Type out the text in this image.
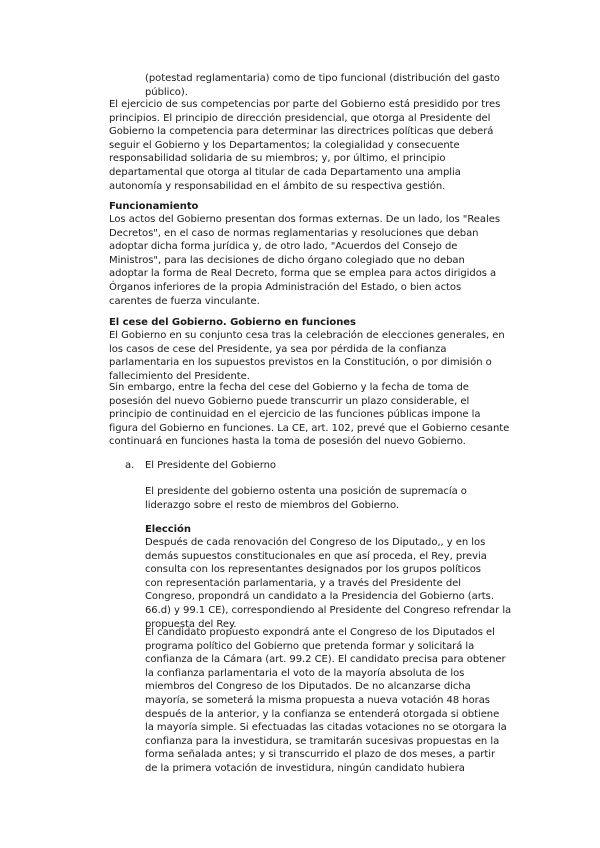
(potestad reglamentaria) como de tipo funcional (distribución del gasto
público).
El ejercicio de sus competencias por parte del Gobierno está presidido por tres
principios. El principio de dirección presidencial, que otorga al Presidente del
Gobierno la competencia para determinar las directrices políticas que deberá
seguir el Gobierno y los Departamentos; la colegialidad y consecuente
responsabilidad solidaria de su miembros; y, por último, el principio
departamental que otorga al titular de cada Departamento una amplia
autonomía y responsabilidad en el ámbito de su respectiva gestión.
Funcionamiento
Los actos del Gobierno presentan dos formas externas. De un lado, los "Reales
Decretos", en el caso de normas reglamentarias y resoluciones que deban
adoptar dicha forma jurídica y, de otro lado, "Acuerdos del Consejo de
Ministros", para las decisiones de dicho órgano colegiado que no deban
adoptar la forma de Real Decreto, forma que se emplea para actos dirigidos a
Órganos inferiores de la propia Administración del Estado, o bien actos
carentes de fuerza vinculante.
El cese del Gobierno. Gobierno en funciones
El Gobierno en su conjunto cesa tras la celebración de elecciones generales, en
los casos de cese del Presidente, ya sea por pérdida de la confianza
parlamentaria en los supuestos previstos en la Constitución, o por dimisión o
fallecimiento del Presidente.
Sin embargo, entre la fecha del cese del Gobierno y la fecha de toma de
posesión del nuevo Gobierno puede transcurrir un plazo considerable, el
principio de continuidad en el ejercicio de las funciones públicas impone la
figura del Gobierno en funciones. La CE, art. 102, prevé que el Gobierno cesante
continuará en funciones hasta la toma de posesión del nuevo Gobierno.
a. El Presidente del Gobierno
El presidente del gobierno ostenta una posición de supremacía o
liderazgo sobre el resto de miembros del Gobierno.
Elección
Después de cada renovación del Congreso de los Diputado,, y en los
demás supuestos constitucionales en que así proceda, el Rey, previa
consulta con los representantes designados por los grupos políticos
con representación parlamentaria, y a través del Presidente del
Congreso, propondrá un candidato a la Presidencia del Gobierno (arts.
66.d) y 99.1 CE), correspondiendo al Presidente del Congreso refrendar la
propuesta del Rey.
El candidato propuesto expondrá ante el Congreso de los Diputados el
programa político del Gobierno que pretenda formar y solicitará la
confianza de la Cámara (art. 99.2 CE). El candidato precisa para obtener
la confianza parlamentaria el voto de la mayoría absoluta de los
miembros del Congreso de los Diputados. De no alcanzarse dicha
mayoría, se someterá la misma propuesta a nueva votación 48 horas
después de la anterior, y la confianza se entenderá otorgada si obtiene
la mayoría simple. Si efectuadas las citadas votaciones no se otorgara la
confianza para la investidura, se tramitarán sucesivas propuestas en la
forma señalada antes; y si transcurrido el plazo de dos meses, a partir
de la primera votación de investidura, ningún candidato hubiera
